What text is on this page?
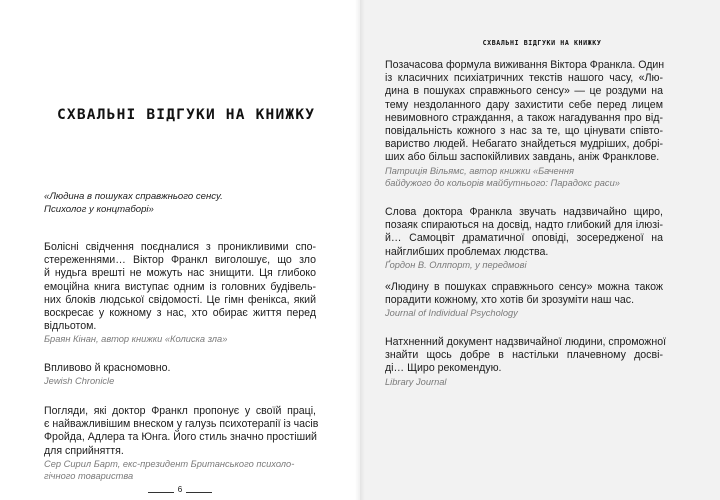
СХВАЛЬНІ ВІДГУКИ НА КНИЖКУ
«Людина в пошуках справжнього сенсу.
Психолог у концтаборі»
Болісні свідчення поєдналися з проникливими спо-
стереженнями… Віктор Франкл виголошує, що зло
й нудьга врешті не можуть нас знищити. Ця глибоко
емоційна книга виступає одним із головних будівель-
них блоків людської свідомості. Це гімн феніксa, який
воскресає у кожному з нас, хто обирає життя перед
відльотом.
Браян Кінан, автор книжки «Колиска зла»
Впливово й красномовно.
Jewish Chronicle
Погляди, які доктор Франкл пропонує у своїй праці,
є найважливішим внеском у галузь психотерапії із часів
Фройда, Адлера та Юнга. Його стиль значно простіший
для сприйняття.
Сер Сирил Барт, екс-президент Британського психоло-
гічного товариства
6
СХВАЛЬНІ ВІДГУКИ НА КНИЖКУ
Позачасова формула виживання Віктора Франкла. Один
із класичних психіатричних текстів нашого часу, «Лю-
дина в пошуках справжнього сенсу» — це роздуми на
тему нездоланного дару захистити себе перед лицем
невимовного страждання, а також нагадування про від-
повідальність кожного з нас за те, що цінувати співто-
вариство людей. Небагато знайдеться мудріших, добрі-
ших або більш заспокійливих завдань, аніж Франклове.
Патриція Вільямс, автор книжки «Бачення
байдужого до кольорів майбутнього: Парадокс раси»
Слова доктора Франкла звучать надзвичайно щиро,
позаяк спираються на досвід, надто глибокий для ілюзі-
й… Самоцвіт драматичної оповіді, зосередженої на
найглибших проблемах людства.
Ґордон В. Оллпорт, у передмові
«Людину в пошуках справжнього сенсу» можна також
порадити кожному, хто хотів би зрозуміти наш час.
Journal of Individual Psychology
Натхненний документ надзвичайної людини, спроможної
знайти щось добре в настільки плачевному досві-
ді… Щиро рекомендую.
Library Journal
